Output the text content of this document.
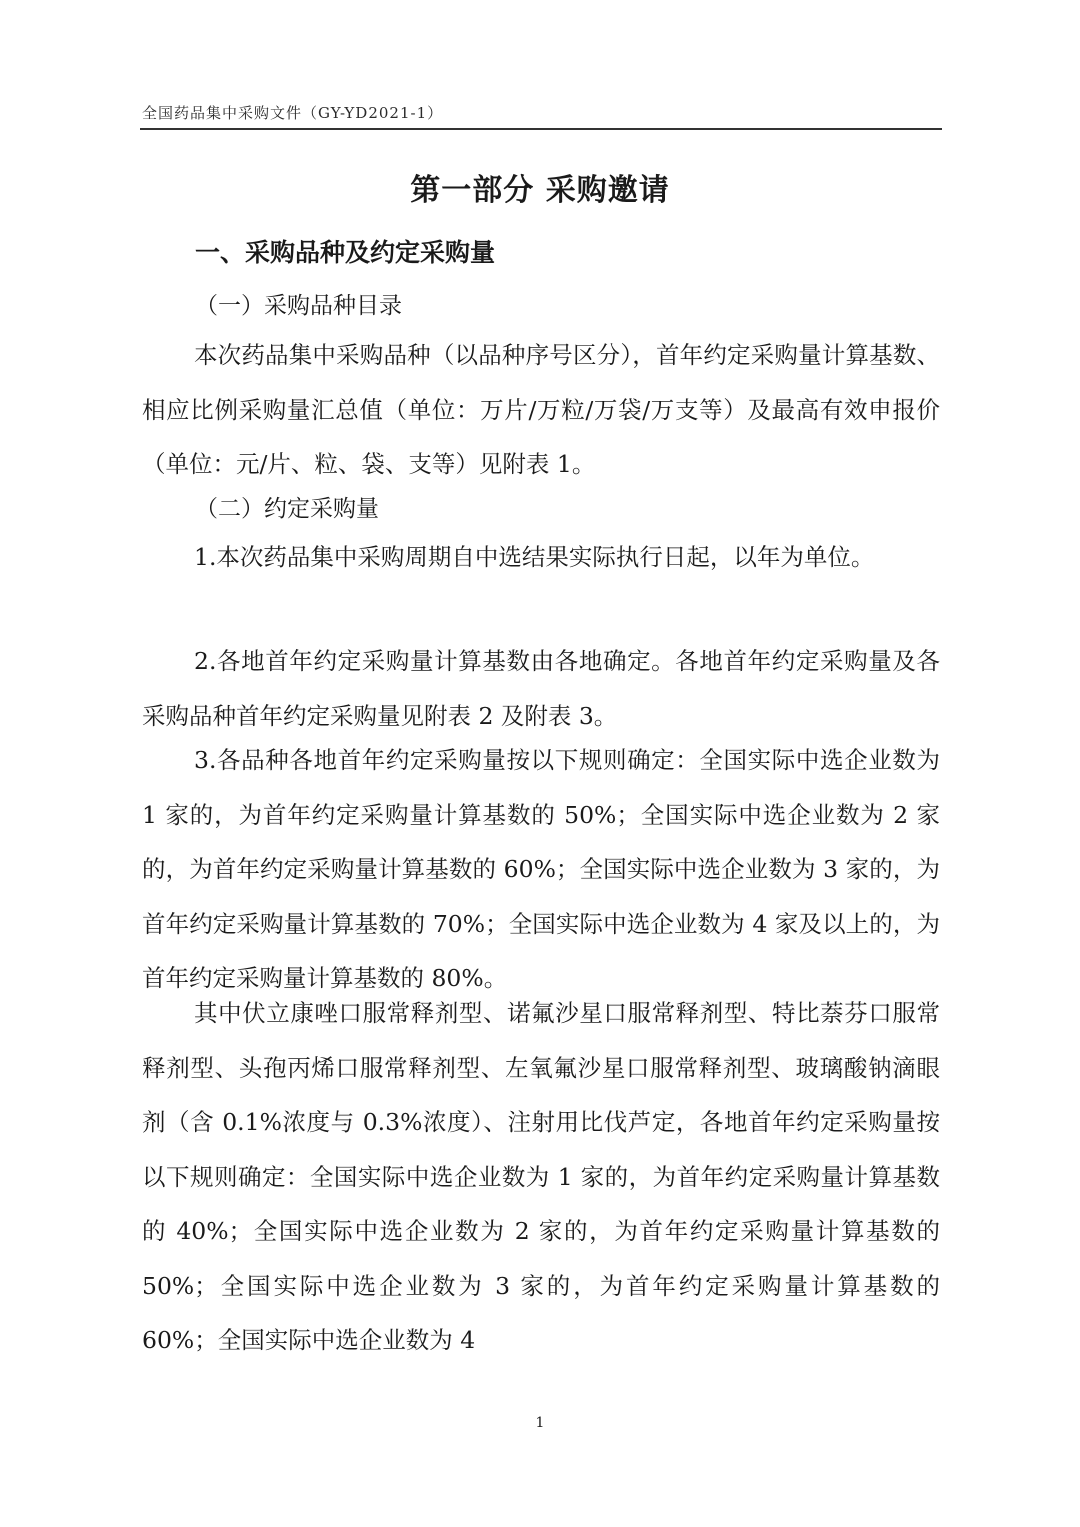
全国药品集中采购文件（GY-YD2021-1）
第一部分 采购邀请
一、采购品种及约定采购量
（一）采购品种目录

本次药品集中采购品种（以品种序号区分），首年约定采购量计算基数、相应比例采购量汇总值（单位：万片/万粒/万袋/万支等）及最高有效申报价（单位：元/片、粒、袋、支等）见附表 1。

（二）约定采购量

1.本次药品集中采购周期自中选结果实际执行日起，以年为单位。

2.各地首年约定采购量计算基数由各地确定。各地首年约定采购量及各采购品种首年约定采购量见附表 2 及附表 3。

3.各品种各地首年约定采购量按以下规则确定：全国实际中选企业数为 1 家的，为首年约定采购量计算基数的 50%；全国实际中选企业数为 2 家的，为首年约定采购量计算基数的 60%；全国实际中选企业数为 3 家的，为首年约定采购量计算基数的 70%；全国实际中选企业数为 4 家及以上的，为首年约定采购量计算基数的 80%。

其中伏立康唑口服常释剂型、诺氟沙星口服常释剂型、特比萘芬口服常释剂型、头孢丙烯口服常释剂型、左氧氟沙星口服常释剂型、玻璃酸钠滴眼剂（含 0.1%浓度与 0.3%浓度）、注射用比伐芦定，各地首年约定采购量按以下规则确定：全国实际中选企业数为 1 家的，为首年约定采购量计算基数的 40%；全国实际中选企业数为 2 家的，为首年约定采购量计算基数的 50%；全国实际中选企业数为 3 家的，为首年约定采购量计算基数的 60%；全国实际中选企业数为 4

1
